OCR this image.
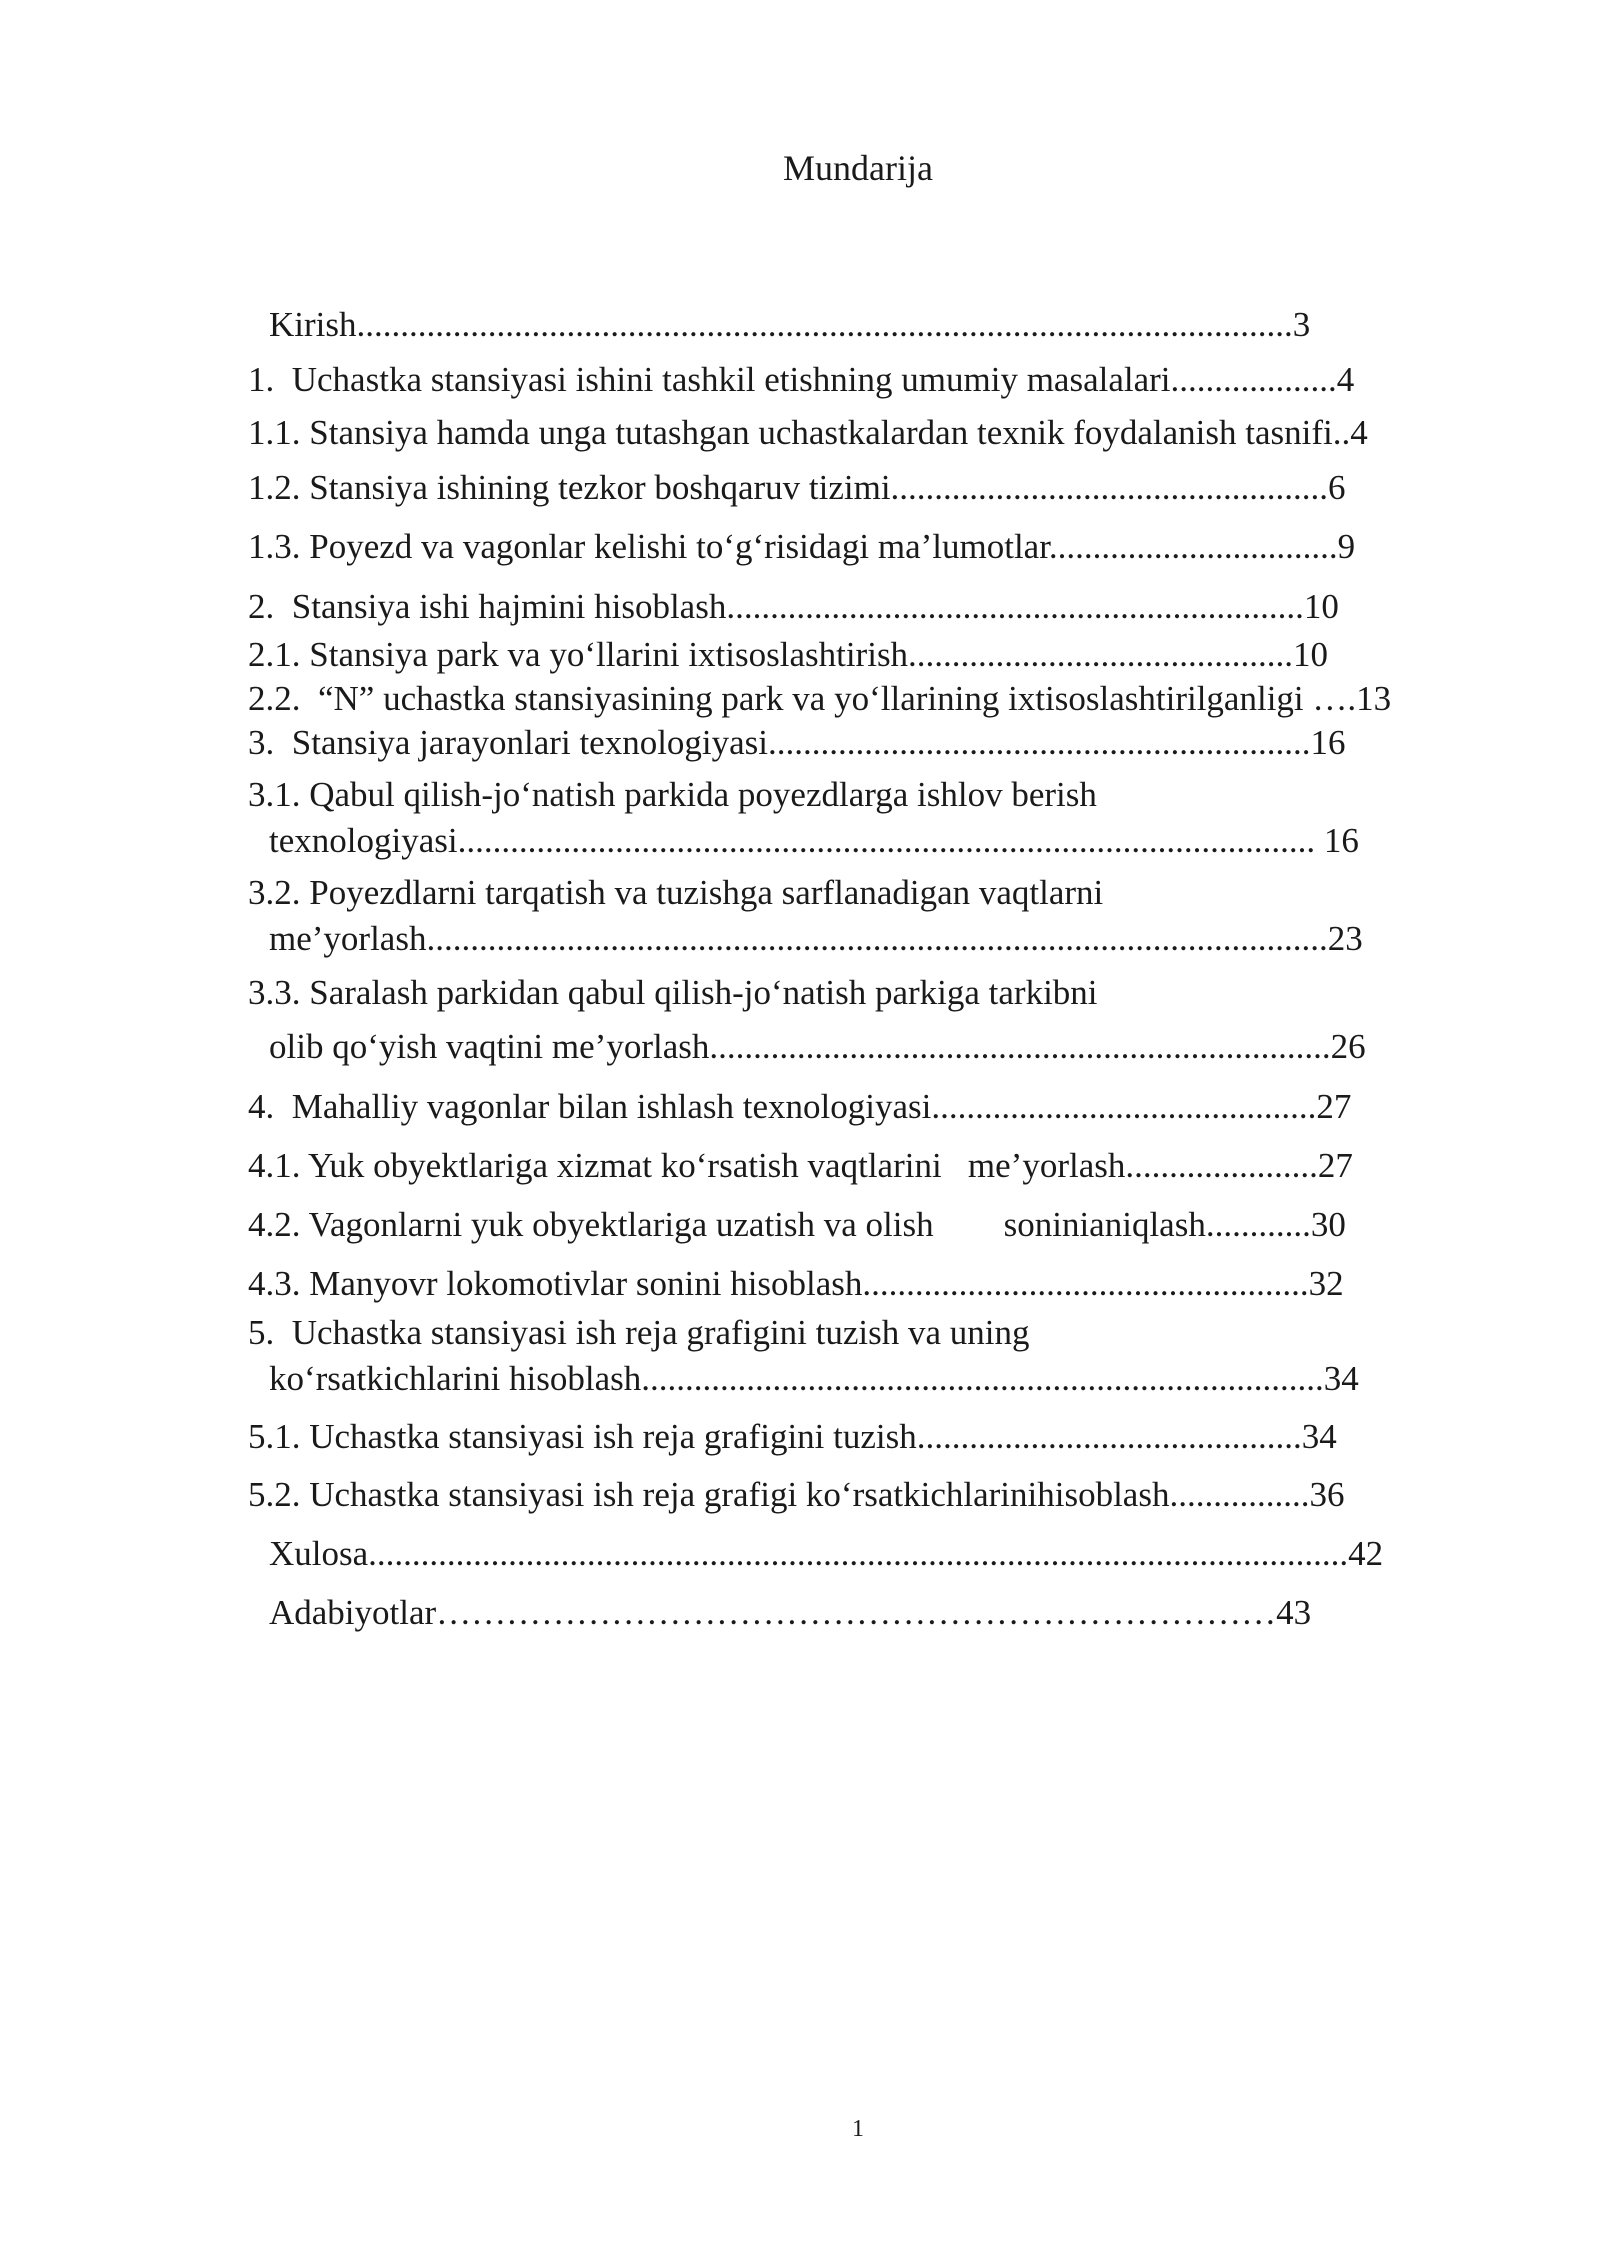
Mundarija
Kirish...........................................................................................................3
1.  Uchastka stansiyasi ishini tashkil etishning umumiy masalalari...................4
1.1. Stansiya hamda unga tutashgan uchastkalardan texnik foydalanish tasnifi..4
1.2. Stansiya ishining tezkor boshqaruv tizimi..................................................6
1.3. Poyezd va vagonlar kelishi to‘g‘risidagi ma’lumotlar.................................9
2.  Stansiya ishi hajmini hisoblash..................................................................10
2.1. Stansiya park va yo‘llarini ixtisoslashtirish............................................10
2.2.  “N” uchastka stansiyasining park va yo‘llarining ixtisoslashtirilganligi ….13
3.  Stansiya jarayonlari texnologiyasi..............................................................16
3.1. Qabul qilish-jo‘natish parkida poyezdlarga ishlov berish
texnologiyasi.................................................................................................. 16
3.2. Poyezdlarni tarqatish va tuzishga sarflanadigan vaqtlarni
me’yorlash.......................................................................................................23
3.3. Saralash parkidan qabul qilish-jo‘natish parkiga tarkibni
olib qo‘yish vaqtini me’yorlash.......................................................................26
4.  Mahalliy vagonlar bilan ishlash texnologiyasi............................................27
4.1. Yuk obyektlariga xizmat ko‘rsatish vaqtlarini   me’yorlash......................27
4.2. Vagonlarni yuk obyektlariga uzatish va olish        soninianiqlash............30
4.3. Manyovr lokomotivlar sonini hisoblash...................................................32
5.  Uchastka stansiyasi ish reja grafigini tuzish va uning
ko‘rsatkichlarini hisoblash..............................................................................34
5.1. Uchastka stansiyasi ish reja grafigini tuzish............................................34
5.2. Uchastka stansiyasi ish reja grafigi ko‘rsatkichlarinihisoblash................36
Xulosa................................................................................................................42
Adabiyotlar………………………………………………………………43
1
